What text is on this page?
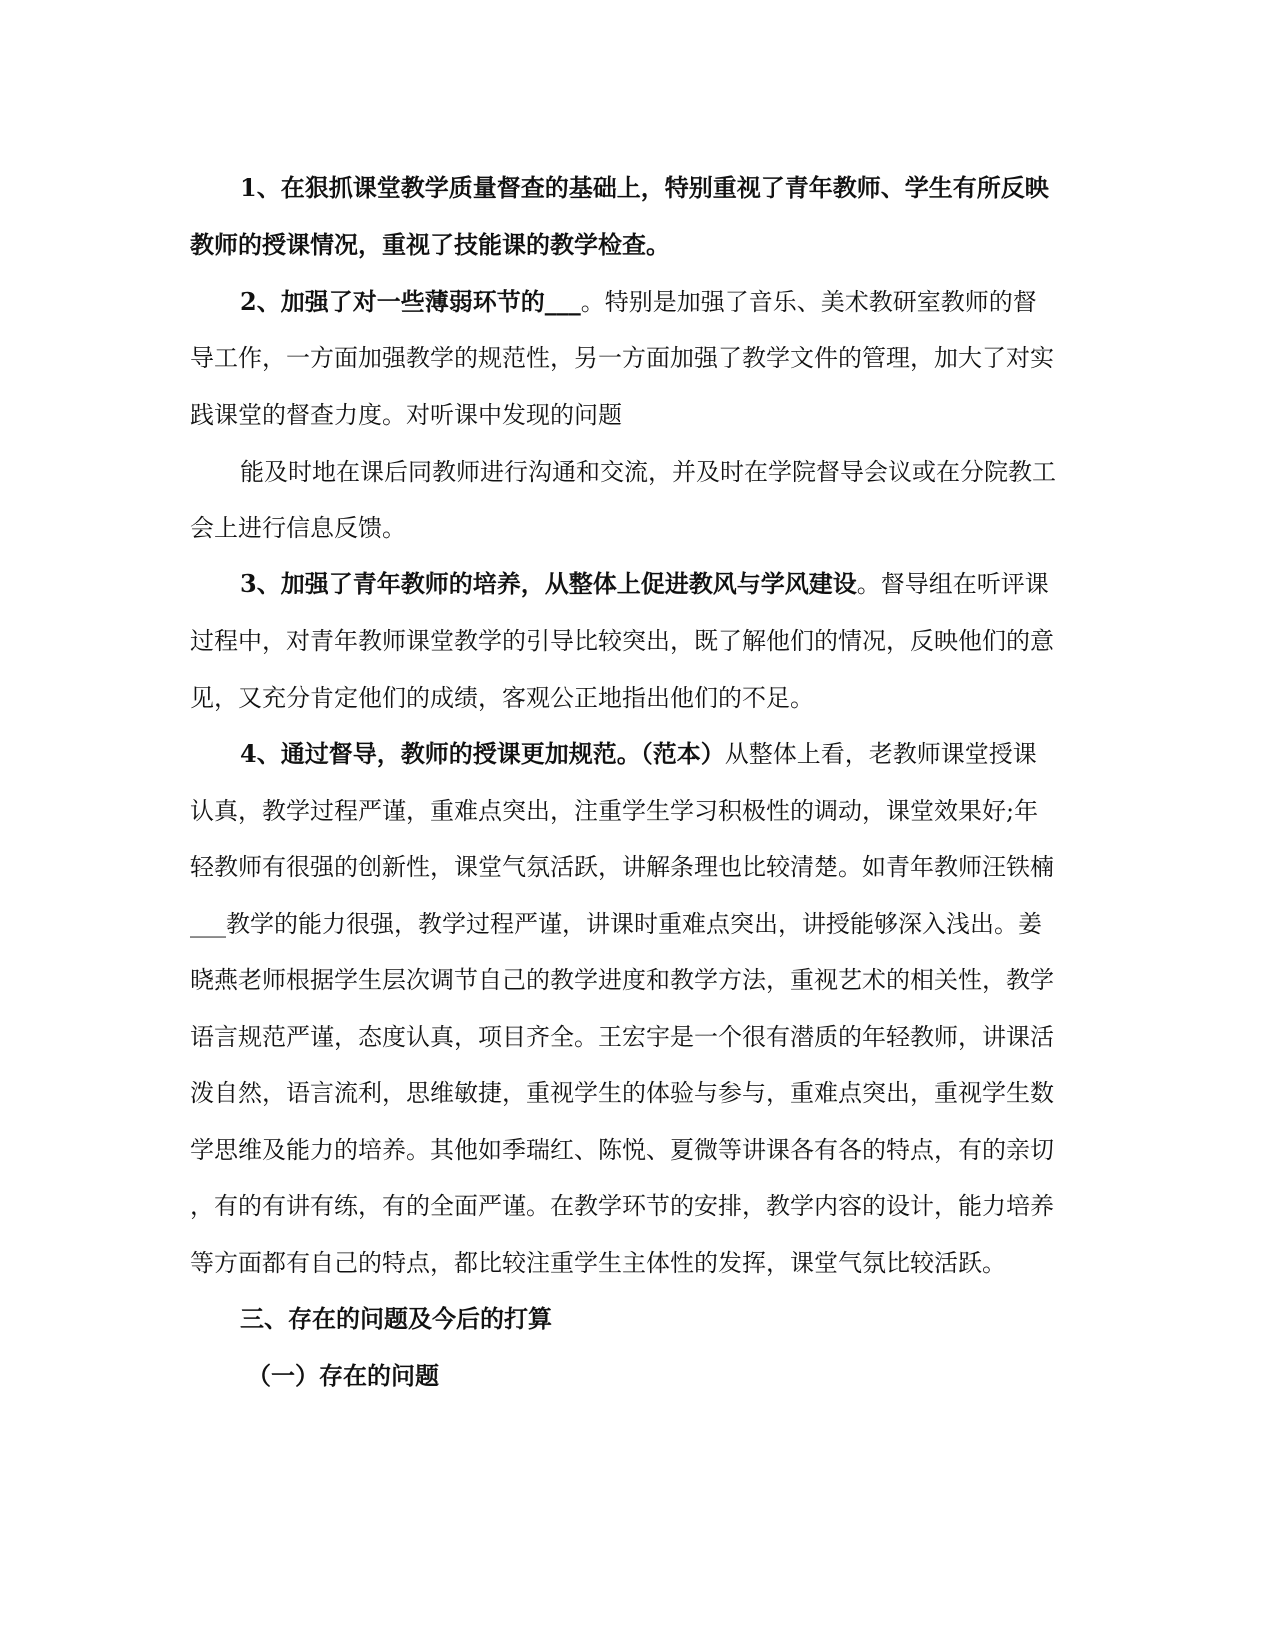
1、在狠抓课堂教学质量督查的基础上，特别重视了青年教师、学生有所反映
教师的授课情况，重视了技能课的教学检查。
2、加强了对一些薄弱环节的___。特别是加强了音乐、美术教研室教师的督
导工作，一方面加强教学的规范性，另一方面加强了教学文件的管理，加大了对实
践课堂的督查力度。对听课中发现的问题
能及时地在课后同教师进行沟通和交流，并及时在学院督导会议或在分院教工
会上进行信息反馈。
3、加强了青年教师的培养，从整体上促进教风与学风建设。督导组在听评课
过程中，对青年教师课堂教学的引导比较突出，既了解他们的情况，反映他们的意
见，又充分肯定他们的成绩，客观公正地指出他们的不足。
4、通过督导，教师的授课更加规范。（范本）从整体上看，老教师课堂授课
认真，教学过程严谨，重难点突出，注重学生学习积极性的调动，课堂效果好;年
轻教师有很强的创新性，课堂气氛活跃，讲解条理也比较清楚。如青年教师汪铁楠
___教学的能力很强，教学过程严谨，讲课时重难点突出，讲授能够深入浅出。姜
晓燕老师根据学生层次调节自己的教学进度和教学方法，重视艺术的相关性，教学
语言规范严谨，态度认真，项目齐全。王宏宇是一个很有潜质的年轻教师，讲课活
泼自然，语言流利，思维敏捷，重视学生的体验与参与，重难点突出，重视学生数
学思维及能力的培养。其他如季瑞红、陈悦、夏微等讲课各有各的特点，有的亲切
，有的有讲有练，有的全面严谨。在教学环节的安排，教学内容的设计，能力培养
等方面都有自己的特点，都比较注重学生主体性的发挥，课堂气氛比较活跃。
三、存在的问题及今后的打算
（一）存在的问题
